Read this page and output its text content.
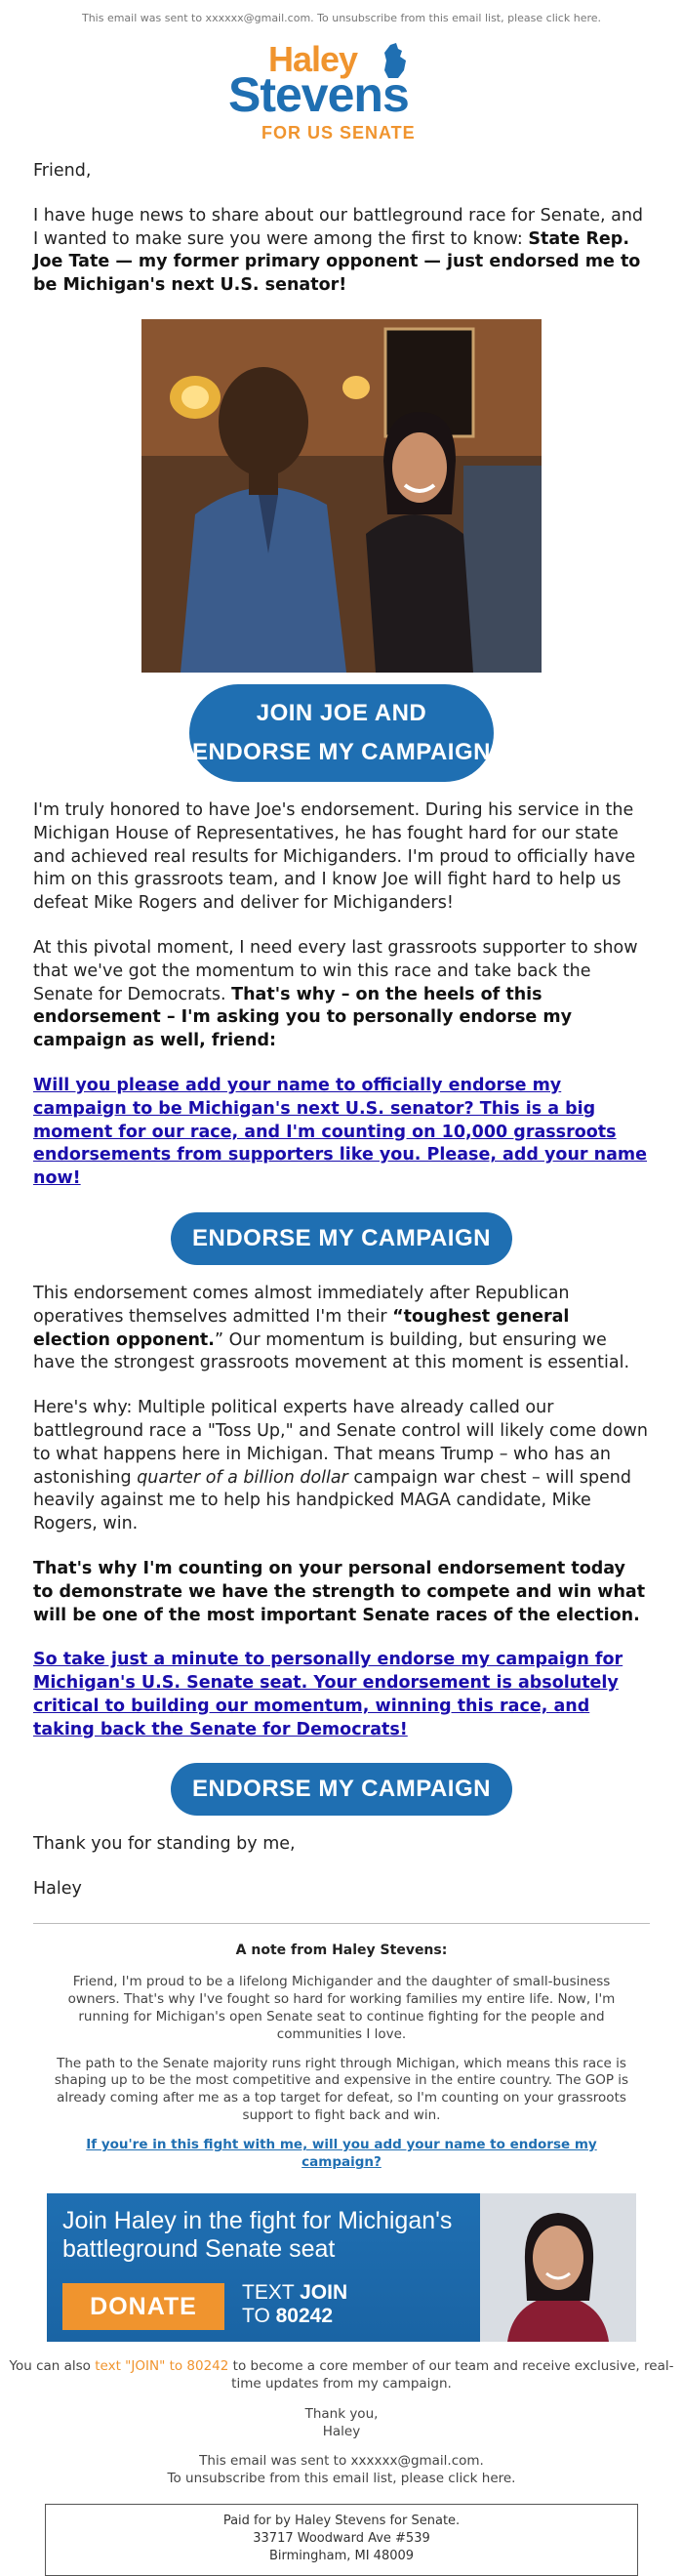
This email was sent to xxxxxx@gmail.com. To unsubscribe from this email list, please click here.
Haley
Stevens
FOR US SENATE

Friend,

I have huge news to share about our battleground race for Senate, and I wanted to make sure you were among the first to know: State Rep. Joe Tate — my former primary opponent — just endorsed me to be Michigan's next U.S. senator!

JOIN JOE AND
ENDORSE MY CAMPAIGN

I'm truly honored to have Joe's endorsement. During his service in the Michigan House of Representatives, he has fought hard for our state and achieved real results for Michiganders. I'm proud to officially have him on this grassroots team, and I know Joe will fight hard to help us defeat Mike Rogers and deliver for Michiganders!

At this pivotal moment, I need every last grassroots supporter to show that we've got the momentum to win this race and take back the Senate for Democrats. That's why – on the heels of this endorsement – I'm asking you to personally endorse my campaign as well, friend:

Will you please add your name to officially endorse my campaign to be Michigan's next U.S. senator? This is a big moment for our race, and I'm counting on 10,000 grassroots endorsements from supporters like you. Please, add your name now!

ENDORSE MY CAMPAIGN

This endorsement comes almost immediately after Republican operatives themselves admitted I'm their “toughest general election opponent.” Our momentum is building, but ensuring we have the strongest grassroots movement at this moment is essential.

Here's why: Multiple political experts have already called our battleground race a "Toss Up," and Senate control will likely come down to what happens here in Michigan. That means Trump – who has an astonishing quarter of a billion dollar campaign war chest – will spend heavily against me to help his handpicked MAGA candidate, Mike Rogers, win.

That's why I'm counting on your personal endorsement today to demonstrate we have the strength to compete and win what will be one of the most important Senate races of the election.

So take just a minute to personally endorse my campaign for Michigan's U.S. Senate seat. Your endorsement is absolutely critical to building our momentum, winning this race, and taking back the Senate for Democrats!

ENDORSE MY CAMPAIGN

Thank you for standing by me,

Haley

A note from Haley Stevens:

Friend, I'm proud to be a lifelong Michigander and the daughter of small-business owners. That's why I've fought so hard for working families my entire life. Now, I'm running for Michigan's open Senate seat to continue fighting for the people and communities I love.

The path to the Senate majority runs right through Michigan, which means this race is shaping up to be the most competitive and expensive in the entire country. The GOP is already coming after me as a top target for defeat, so I'm counting on your grassroots support to fight back and win.

If you're in this fight with me, will you add your name to endorse my campaign?

Join Haley in the fight for Michigan's battleground Senate seat
DONATE
TEXT JOIN
TO 80242

You can also text "JOIN" to 80242 to become a core member of our team and receive exclusive, real-time updates from my campaign.

Thank you,
Haley

This email was sent to xxxxxx@gmail.com.
To unsubscribe from this email list, please click here.

Paid for by Haley Stevens for Senate.
33717 Woodward Ave #539
Birmingham, MI 48009
